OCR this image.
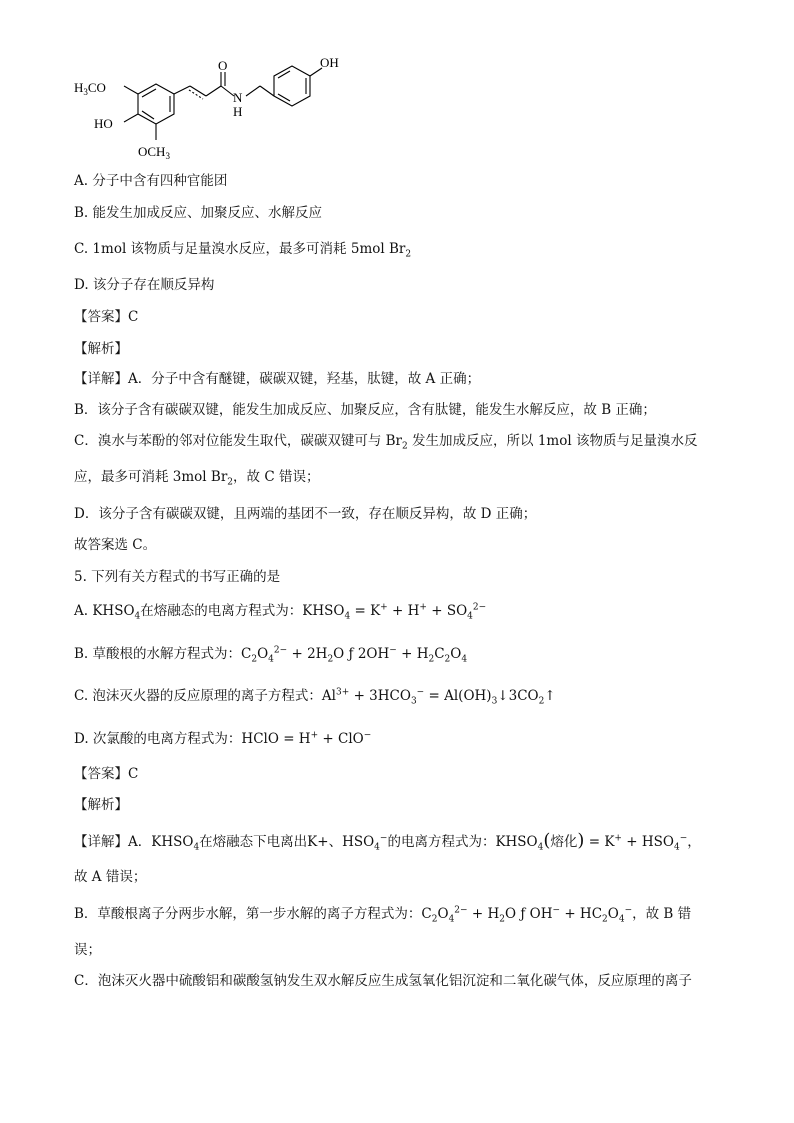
OH
O
N
H
$H_3CO$
HO
$OCH_3$
A. 分子中含有四种官能团
B. 能发生加成反应、加聚反应、水解反应
C. 1mol 该物质与足量溴水反应，最多可消耗 5mol $Br_2$
D. 该分子存在顺反异构
【答案】C
【解析】
【详解】A．分子中含有醚键，碳碳双键，羟基，肽键，故 A 正确；
B．该分子含有碳碳双键，能发生加成反应、加聚反应，含有肽键，能发生水解反应，故 B 正确；
C．溴水与苯酚的邻对位能发生取代，碳碳双键可与 $Br_2$ 发生加成反应，所以 1mol 该物质与足量溴水反
应，最多可消耗 3mol $Br_2$，故 C 错误；
D．该分子含有碳碳双键，且两端的基团不一致，存在顺反异构，故 D 正确；
故答案选 C。
5. 下列有关方程式的书写正确的是
A. $KHSO_4$在熔融态的电离方程式为：$KHSO_4 = K^+ + H^+ + SO_4^{2-}$
B. 草酸根的水解方程式为：$C_2O_4^{2-} + 2H_2O$ ƒ $2OH^- + H_2C_2O_4$
C. 泡沫灭火器的反应原理的离子方程式：$Al^{3+} + 3HCO_3^-$ = $Al(OH)_3↓3CO_2↑$
D. 次氯酸的电离方程式为：HClO = H+ + ClO−
【答案】C
【解析】
【详解】A．$KHSO_4$在熔融态下电离出K+、$HSO_4^-$的电离方程式为：$KHSO_4$(熔化) = $K^+ + HSO_4^-$，
故 A 错误；
B．草酸根离子分两步水解，第一步水解的离子方程式为：$C_2O_4^{2-} + H_2O$ ƒ $OH^- + HC_2O_4^-$，故 B 错
误；
C．泡沫灭火器中硫酸铝和碳酸氢钠发生双水解反应生成氢氧化铝沉淀和二氧化碳气体，反应原理的离子
